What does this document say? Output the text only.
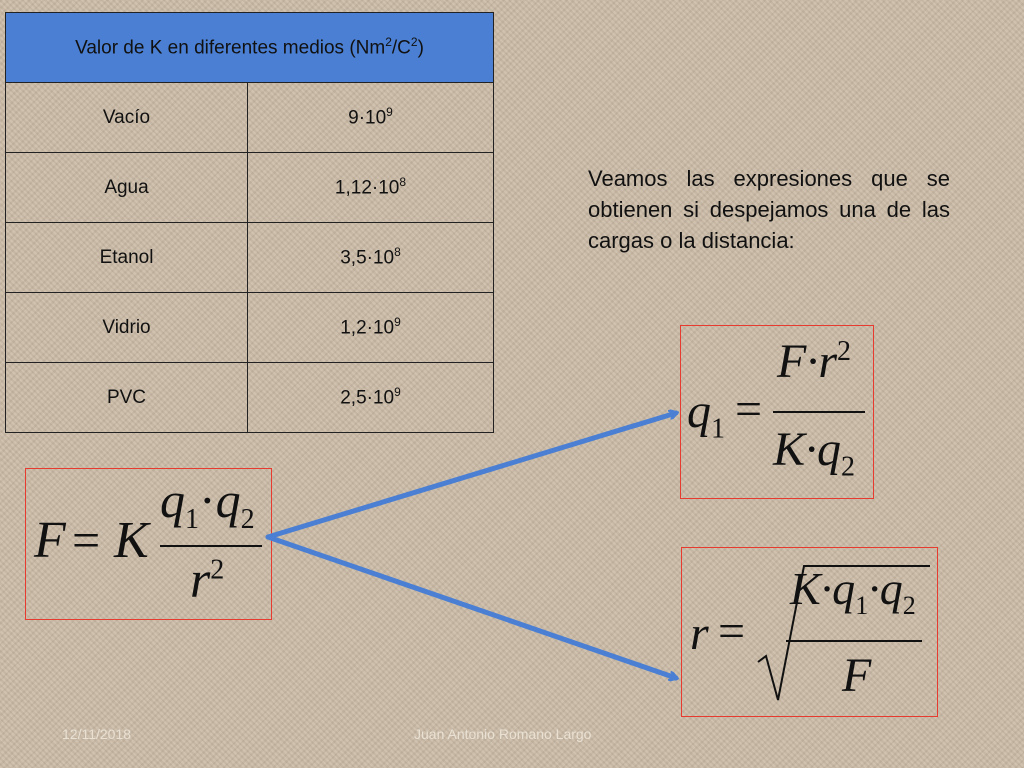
Valor de K en diferentes medios $(Nm^2/C^2)$	
Vacío	$9\cdot 10^9$
Agua	$1,12\cdot 10^8$
Etanol	$3,5\cdot 10^8$
Vidrio	$1,2\cdot 10^9$
PVC	$2,5\cdot 10^9$
Veamos las expresiones que se obtienen si despejamos una de las cargas o la distancia:
F = K
$q_1\cdot q_2$
$r^2$
$q_1$ =
$F\cdot r^2$
$K\cdot q_2$
r =
$K\cdot q_1\cdot q_2$
F
12/11/2018	Juan Antonio Romano Largo
